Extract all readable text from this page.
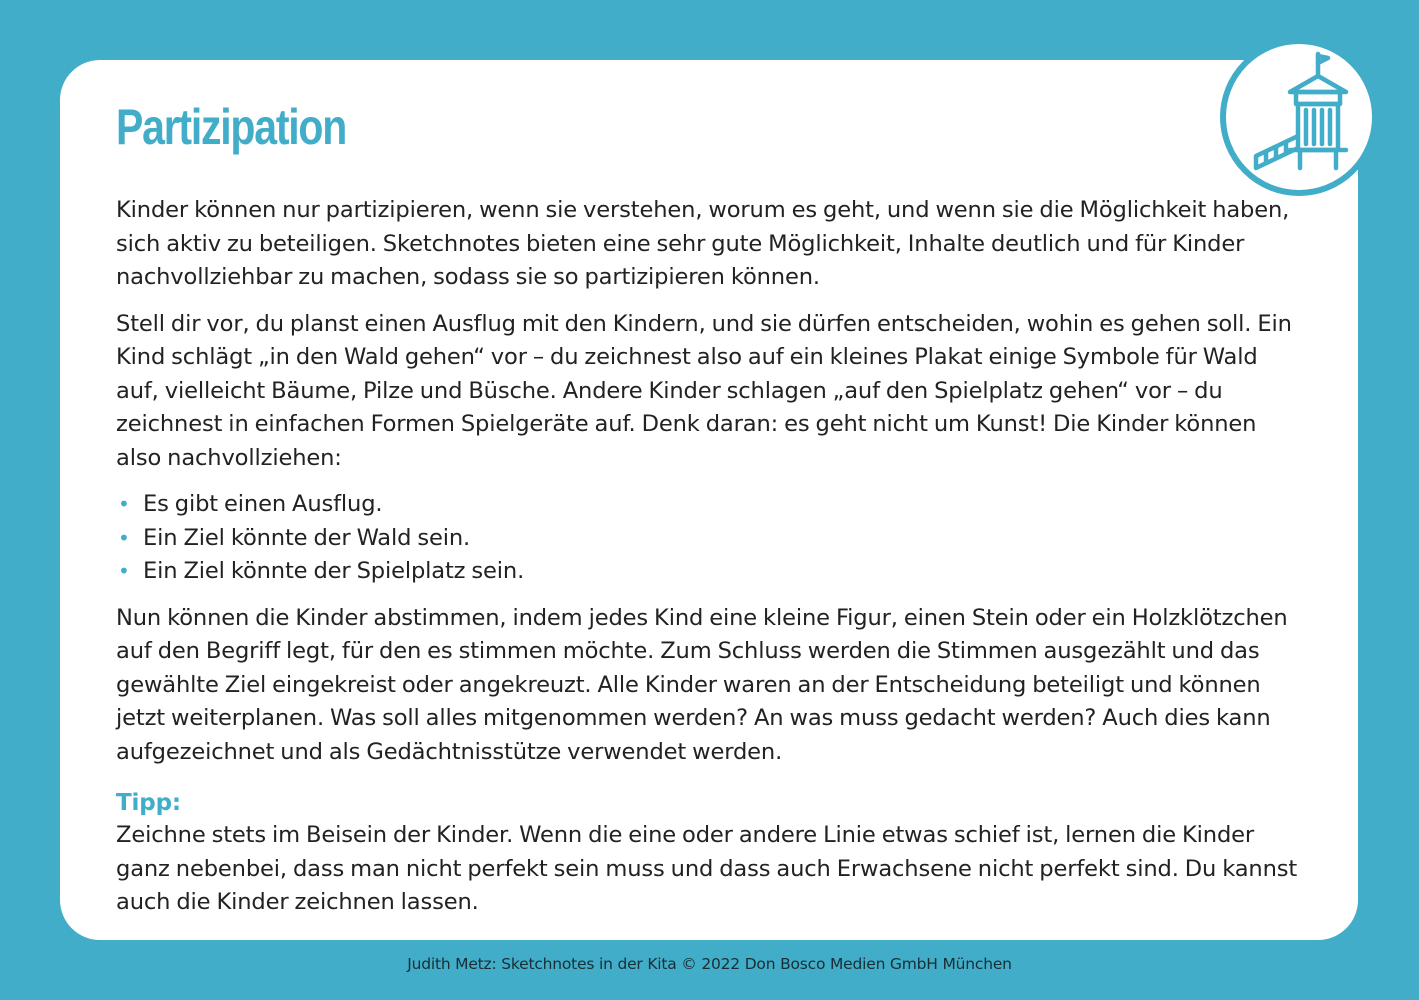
Partizipation

Kinder können nur partizipieren, wenn sie verstehen, worum es geht, und wenn sie die Möglichkeit haben, sich aktiv zu beteiligen. Sketchnotes bieten eine sehr gute Möglichkeit, Inhalte deutlich und für Kinder nachvollziehbar zu machen, sodass sie so partizipieren können.

Stell dir vor, du planst einen Ausflug mit den Kindern, und sie dürfen entscheiden, wohin es gehen soll. Ein Kind schlägt „in den Wald gehen“ vor – du zeichnest also auf ein kleines Plakat einige Symbole für Wald auf, vielleicht Bäume, Pilze und Büsche. Andere Kinder schlagen „auf den Spielplatz gehen“ vor – du zeichnest in einfachen Formen Spielgeräte auf. Denk daran: es geht nicht um Kunst! Die Kinder können also nachvollziehen:

• Es gibt einen Ausflug.
• Ein Ziel könnte der Wald sein.
• Ein Ziel könnte der Spielplatz sein.

Nun können die Kinder abstimmen, indem jedes Kind eine kleine Figur, einen Stein oder ein Holzklötzchen auf den Begriff legt, für den es stimmen möchte. Zum Schluss werden die Stimmen ausgezählt und das gewählte Ziel eingekreist oder angekreuzt. Alle Kinder waren an der Entscheidung beteiligt und können jetzt weiterplanen. Was soll alles mitgenommen werden? An was muss gedacht werden? Auch dies kann aufgezeichnet und als Gedächtnisstütze verwendet werden.

Tipp:

Zeichne stets im Beisein der Kinder. Wenn die eine oder andere Linie etwas schief ist, lernen die Kinder ganz nebenbei, dass man nicht perfekt sein muss und dass auch Erwachsene nicht perfekt sind. Du kannst auch die Kinder zeichnen lassen.

Judith Metz: Sketchnotes in der Kita © 2022 Don Bosco Medien GmbH München
